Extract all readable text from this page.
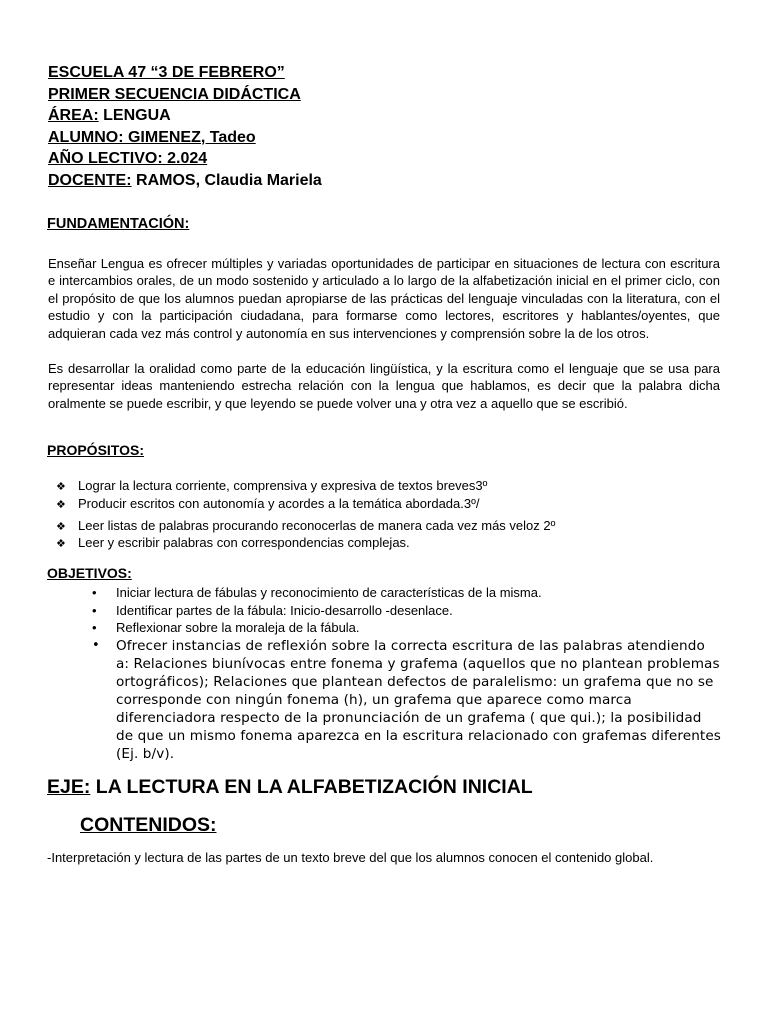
ESCUELA 47 “3 DE FEBRERO”
PRIMER SECUENCIA DIDÁCTICA
ÁREA: LENGUA
ALUMNO: GIMENEZ, Tadeo
AÑO LECTIVO: 2.024
DOCENTE: RAMOS, Claudia Mariela
FUNDAMENTACIÓN:

Enseñar Lengua es ofrecer múltiples y variadas oportunidades de participar en situaciones de lectura con escritura e intercambios orales, de un modo sostenido y articulado a lo largo de la alfabetización inicial en el primer ciclo, con el propósito de que los alumnos puedan apropiarse de las prácticas del lenguaje vinculadas con la literatura, con el estudio y con la participación ciudadana, para formarse como lectores, escritores y hablantes/oyentes, que adquieran cada vez más control y autonomía en sus intervenciones y comprensión sobre la de los otros.

Es desarrollar la oralidad como parte de la educación lingüística, y la escritura como el lenguaje que se usa para representar ideas manteniendo estrecha relación con la lengua que hablamos, es decir que la palabra dicha oralmente se puede escribir, y que leyendo se puede volver una y otra vez a aquello que se escribió.

PROPÓSITOS:
❖ Lograr la lectura corriente, comprensiva y expresiva de textos breves3º
❖ Producir escritos con autonomía y acordes a la temática abordada.3º/
❖ Leer listas de palabras procurando reconocerlas de manera cada vez más veloz 2º
❖ Leer y escribir palabras con correspondencias complejas.
OBJETIVOS:
• Iniciar lectura de fábulas y reconocimiento de características de la misma.
• Identificar partes de la fábula: Inicio-desarrollo -desenlace.
• Reflexionar sobre la moraleja de la fábula.
• Ofrecer instancias de reflexión sobre la correcta escritura de las palabras atendiendo a: Relaciones biunívocas entre fonema y grafema (aquellos que no plantean problemas ortográficos); Relaciones que plantean defectos de paralelismo: un grafema que no se corresponde con ningún fonema (h), un grafema que aparece como marca diferenciadora respecto de la pronunciación de un grafema ( que qui.); la posibilidad de que un mismo fonema aparezca en la escritura relacionado con grafemas diferentes (Ej. b/v).
EJE: LA LECTURA EN LA ALFABETIZACIÓN INICIAL
CONTENIDOS:
-Interpretación y lectura de las partes de un texto breve del que los alumnos conocen el contenido global.
